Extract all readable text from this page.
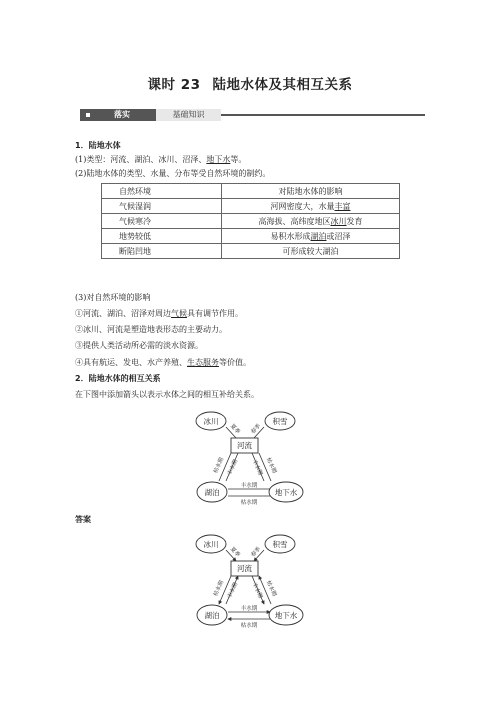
课时 23 陆地水体及其相互关系
落实	基础知识
1．陆地水体
(1)类型：河流、湖泊、冰川、沼泽、地下水等。
(2)陆地水体的类型、水量、分布等受自然环境的制约。
自然环境	对陆地水体的影响
气候湿润	河网密度大，水量丰富
气候寒冷	高海拔、高纬度地区冰川发育
地势较低	易积水形成湖泊或沼泽
断陷凹地	可形成较大湖泊
(3)对自然环境的影响
①河流、湖泊、沼泽对周边气候具有调节作用。
②冰川、河流是塑造地表形态的主要动力。
③提供人类活动所必需的淡水资源。
④具有航运、发电、水产养殖、生态服务等价值。
2．陆地水体的相互关系
在下图中添加箭头以表示水体之间的相互补给关系。
冰川	积雪
河流
湖泊	地下水
夏季	春季
枯水期 丰水期 丰水期 枯水期
丰水期
枯水期
答案
冰川	积雪
河流
湖泊	地下水
夏季	春季
枯水期 丰水期 丰水期 枯水期
丰水期
枯水期
